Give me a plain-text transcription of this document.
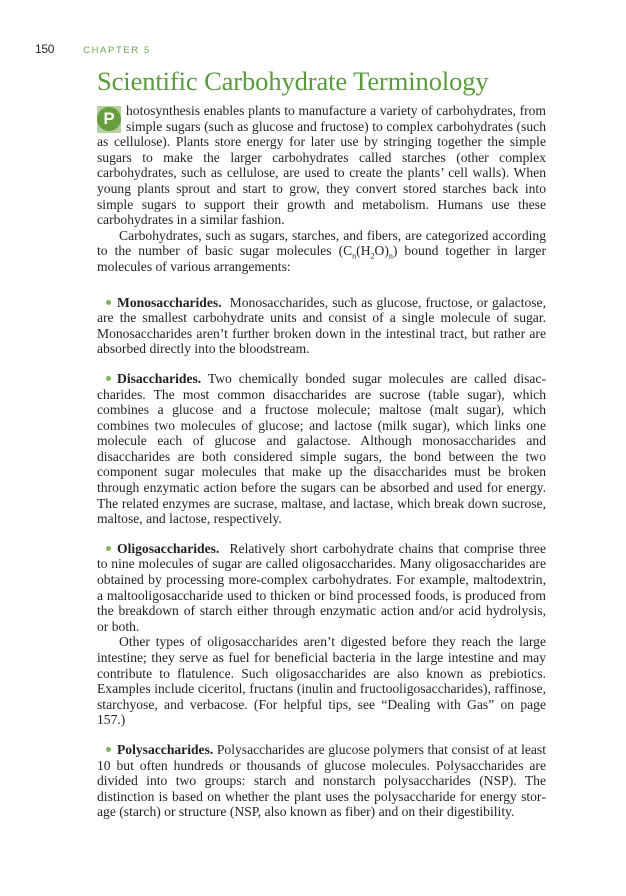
150	CHAPTER 5
Scientific Carbohydrate Terminology

P hotosynthesis enables plants to manufacture a variety of carbohydrates, from simple sugars (such as glucose and fructose) to complex carbohydrates (such as cellulose). Plants store energy for later use by stringing together the simple sugars to make the larger carbohydrates called starches (other complex carbohydrates, such as cellulose, are used to create the plants’ cell walls). When young plants sprout and start to grow, they convert stored starches back into simple sugars to support their growth and metabolism. Humans use these carbohydrates in a similar fashion.

Carbohydrates, such as sugars, starches, and fibers, are categorized according to the number of basic sugar molecules $(C_n(H_2O)_n)$ bound together in larger molecules of various arrangements:

Monosaccharides. Monosaccharides, such as glucose, fructose, or galactose, are the smallest carbohydrate units and consist of a single molecule of sugar. Monosaccharides aren’t further broken down in the intestinal tract, but rather are absorbed directly into the bloodstream.

Disaccharides. Two chemically bonded sugar molecules are called disaccharides. The most common disaccharides are sucrose (table sugar), which combines a glucose and a fructose molecule; maltose (malt sugar), which combines two molecules of glucose; and lactose (milk sugar), which links one molecule each of glucose and galactose. Although monosaccharides and disaccharides are both considered simple sugars, the bond between the two component sugar molecules that make up the disaccharides must be broken through enzymatic action before the sugars can be absorbed and used for energy. The related enzymes are sucrase, maltase, and lactase, which break down sucrose, maltose, and lactose, respectively.

Oligosaccharides. Relatively short carbohydrate chains that comprise three to nine molecules of sugar are called oligosaccharides. Many oligosaccharides are obtained by processing more-complex carbohydrates. For example, maltodextrin, a maltooligosaccharide used to thicken or bind processed foods, is produced from the breakdown of starch either through enzymatic action and/or acid hydrolysis, or both.

Other types of oligosaccharides aren’t digested before they reach the large intestine; they serve as fuel for beneficial bacteria in the large intestine and may contribute to flatulence. Such oligosaccharides are also known as prebiotics. Examples include ciceritol, fructans (inulin and fructooligosaccharides), raffinose, starchyose, and verbacose. (For helpful tips, see “Dealing with Gas” on page 157.)

Polysaccharides. Polysaccharides are glucose polymers that consist of at least 10 but often hundreds or thousands of glucose molecules. Polysaccharides are divided into two groups: starch and nonstarch polysaccharides (NSP). The distinction is based on whether the plant uses the polysaccharide for energy storage (starch) or structure (NSP, also known as fiber) and on their digestibility.
